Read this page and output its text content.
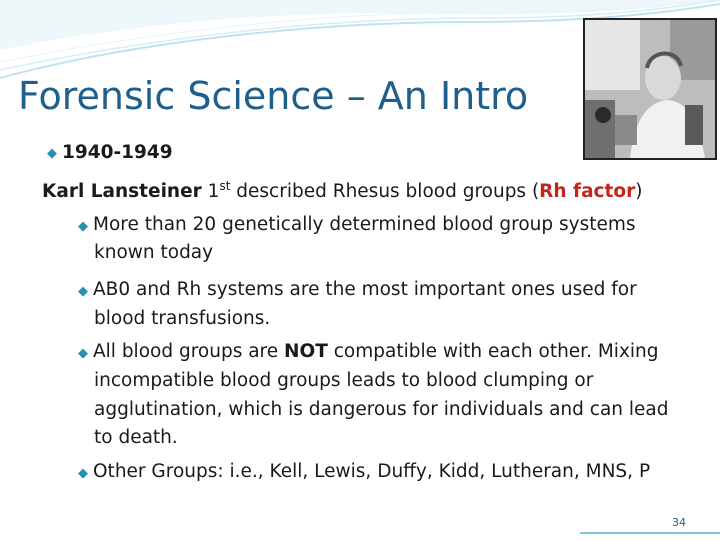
Forensic Science – An Intro
◆ 1940-1949
Karl Lansteiner 1st described Rhesus blood groups (Rh factor)
◆ More than 20 genetically determined blood group systems
known today
◆ AB0 and Rh systems are the most important ones used for
blood transfusions.
◆ All blood groups are NOT compatible with each other. Mixing
incompatible blood groups leads to blood clumping or
agglutination, which is dangerous for individuals and can lead
to death.
◆ Other Groups: i.e., Kell, Lewis, Duffy, Kidd, Lutheran, MNS, P
34
